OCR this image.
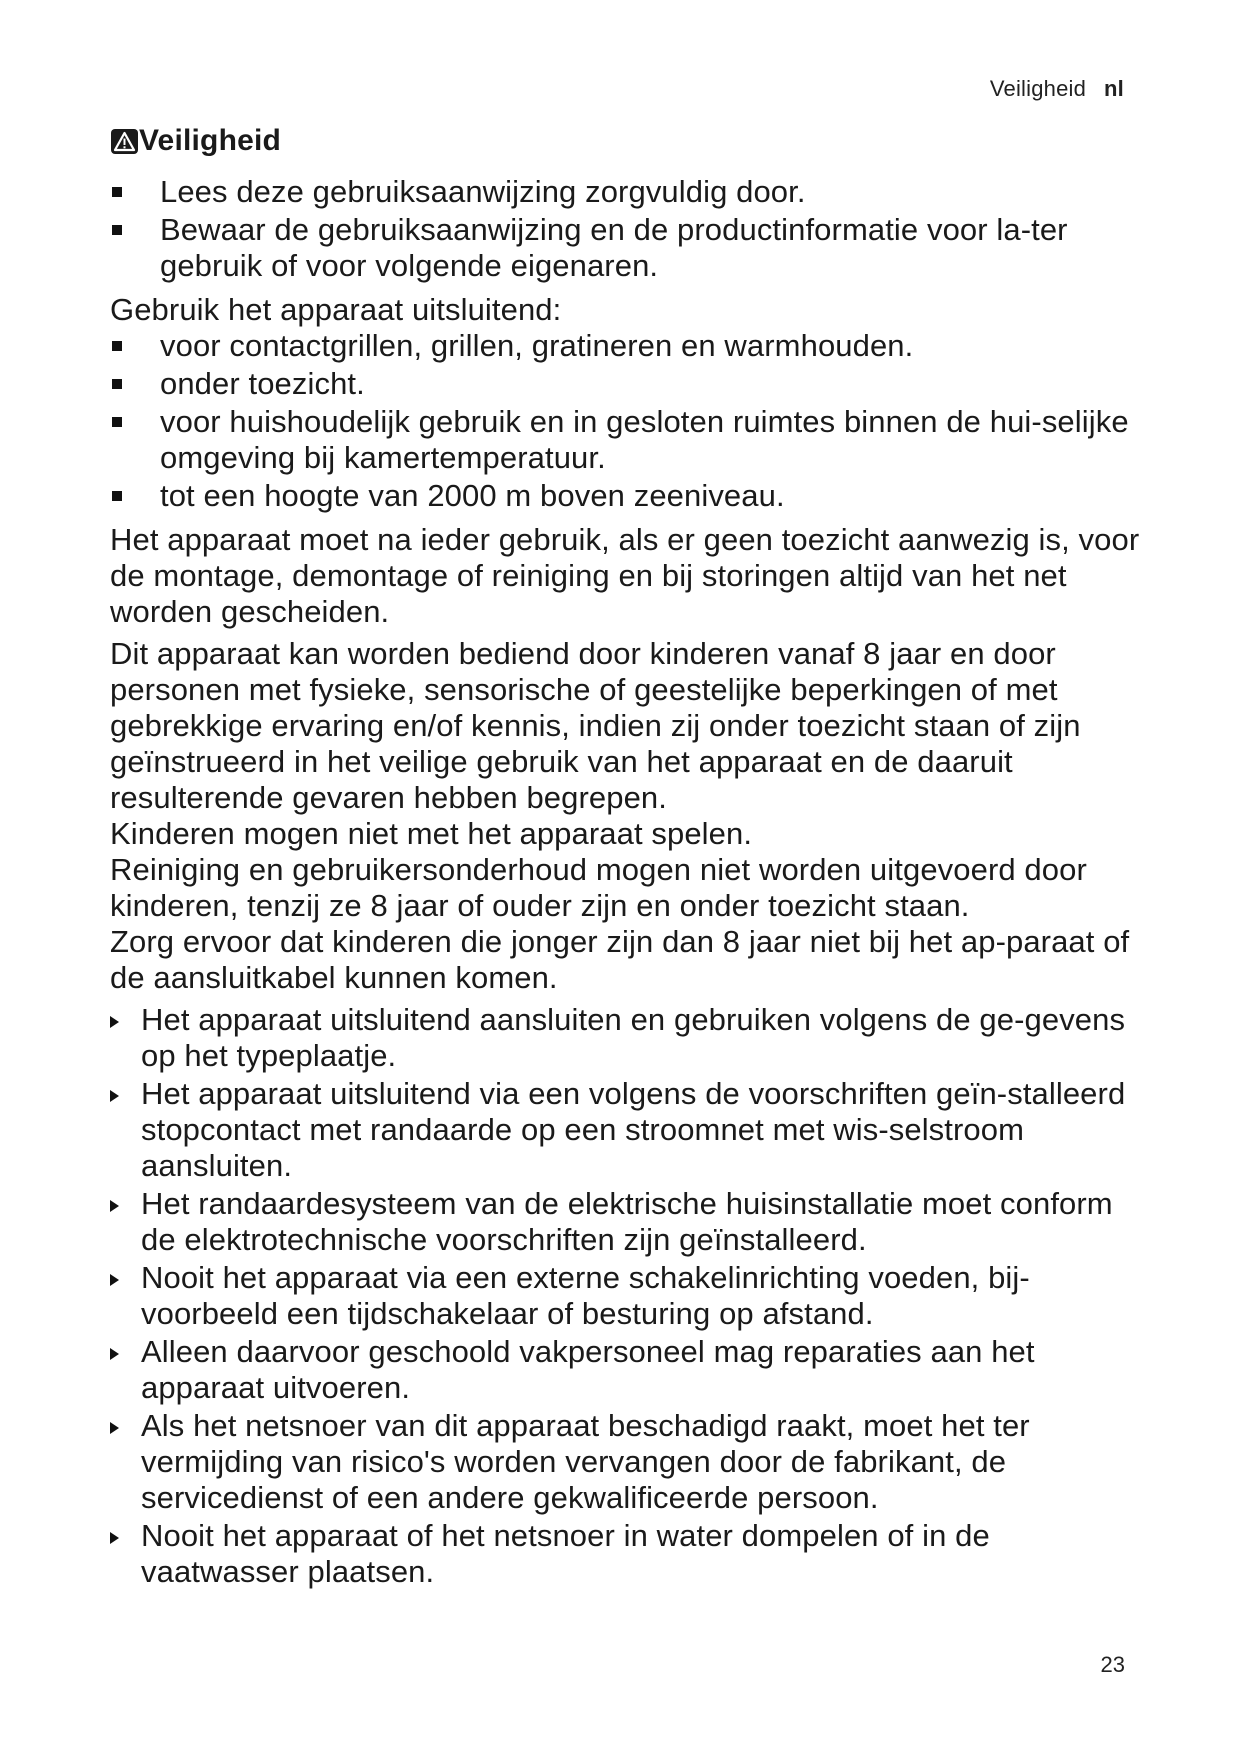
Veiligheid nl
Veiligheid
Lees deze gebruiksaanwijzing zorgvuldig door.
Bewaar de gebruiksaanwijzing en de productinformatie voor la-ter gebruik of voor volgende eigenaren.

Gebruik het apparaat uitsluitend:

voor contactgrillen, grillen, gratineren en warmhouden.
onder toezicht.
voor huishoudelijk gebruik en in gesloten ruimtes binnen de hui-selijke omgeving bij kamertemperatuur.
tot een hoogte van 2000 m boven zeeniveau.

Het apparaat moet na ieder gebruik, als er geen toezicht aanwezig is, voor de montage, demontage of reiniging en bij storingen altijd van het net worden gescheiden.

Dit apparaat kan worden bediend door kinderen vanaf 8 jaar en door personen met fysieke, sensorische of geestelijke beperkingen of met gebrekkige ervaring en/of kennis, indien zij onder toezicht staan of zijn geïnstrueerd in het veilige gebruik van het apparaat en de daaruit resulterende gevaren hebben begrepen.

Kinderen mogen niet met het apparaat spelen.

Reiniging en gebruikersonderhoud mogen niet worden uitgevoerd door kinderen, tenzij ze 8 jaar of ouder zijn en onder toezicht staan.

Zorg ervoor dat kinderen die jonger zijn dan 8 jaar niet bij het ap-paraat of de aansluitkabel kunnen komen.

Het apparaat uitsluitend aansluiten en gebruiken volgens de ge-gevens op het typeplaatje.
Het apparaat uitsluitend via een volgens de voorschriften geïn-stalleerd stopcontact met randaarde op een stroomnet met wis-selstroom aansluiten.
Het randaardesysteem van de elektrische huisinstallatie moet conform de elektrotechnische voorschriften zijn geïnstalleerd.
Nooit het apparaat via een externe schakelinrichting voeden, bij-voorbeeld een tijdschakelaar of besturing op afstand.
Alleen daarvoor geschoold vakpersoneel mag reparaties aan het apparaat uitvoeren.
Als het netsnoer van dit apparaat beschadigd raakt, moet het ter vermijding van risico's worden vervangen door de fabrikant, de servicedienst of een andere gekwalificeerde persoon.
Nooit het apparaat of het netsnoer in water dompelen of in de vaatwasser plaatsen.
23
